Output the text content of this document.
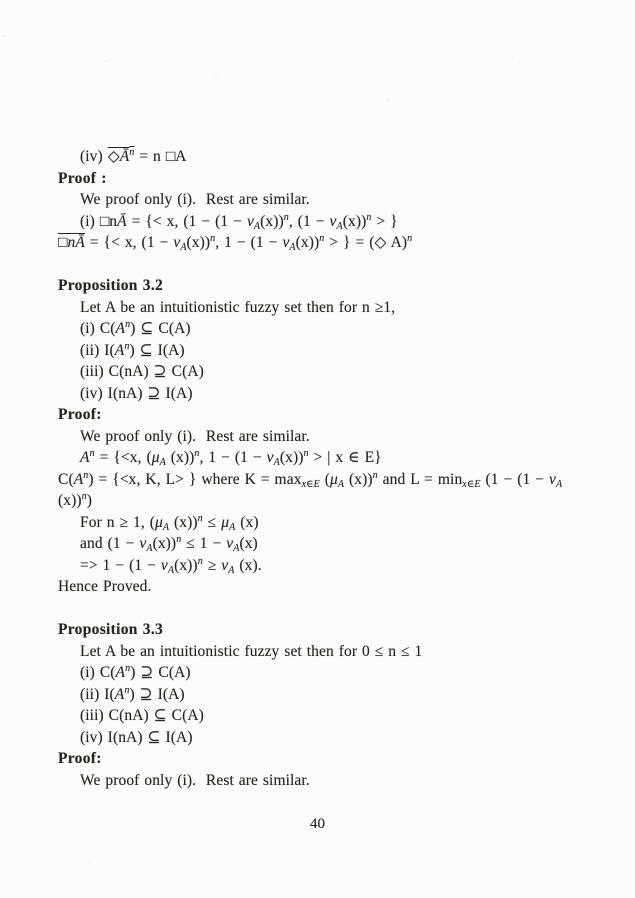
(iv) $◇Ā^n = n$ □A
Proof :
We proof only (i).  Rest are similar.
(i) □nĀ = {< x, ($1 - (1 - \nu_A(x))^n$, $(1 - \nu_A(x))^n$ > }
□nĀ = {< x, $(1 - \nu_A(x))^n$, $1 - (1 - \nu_A(x))^n$ > } = (◇ A)$^n$
Proposition 3.2
Let A be an intuitionistic fuzzy set then for n ≥1,
(i) $C(A^n)$ ⊆ C(A)
(ii) $I(A^n)$ ⊆ I(A)
(iii) C(nA) ⊇ C(A)
(iv) I(nA) ⊇ I(A)
Proof:
We proof only (i).  Rest are similar.
$A^n = \{<x$, ($\mu_A$ (x))$^n$, $1 - (1 - \nu_A(x))^n$ > | x ∈ E}
$C(A^n) = \{<x$, K, L> } where $K = \max_{x\in E} (\mu_A$ (x))$^n$ and $L = \min_{x\in E} (1 - (1 - \nu_A$
(x))$^n$)
For n ≥ 1, ($\mu_A$ $(x))^n \le \mu_A$ (x)
and $(1 - \nu_A(x))^n \le 1 - \nu_A(x)$
=> $1 - (1 - \nu_A(x))^n \ge \nu_A$ (x).
Hence Proved.
Proposition 3.3
Let A be an intuitionistic fuzzy set then for 0 ≤ n ≤ 1
(i) $C(A^n)$ ⊇ C(A)
(ii) $I(A^n)$ ⊇ I(A)
(iii) C(nA) ⊆ C(A)
(iv) I(nA) ⊆ I(A)
Proof:
We proof only (i).  Rest are similar.
40
